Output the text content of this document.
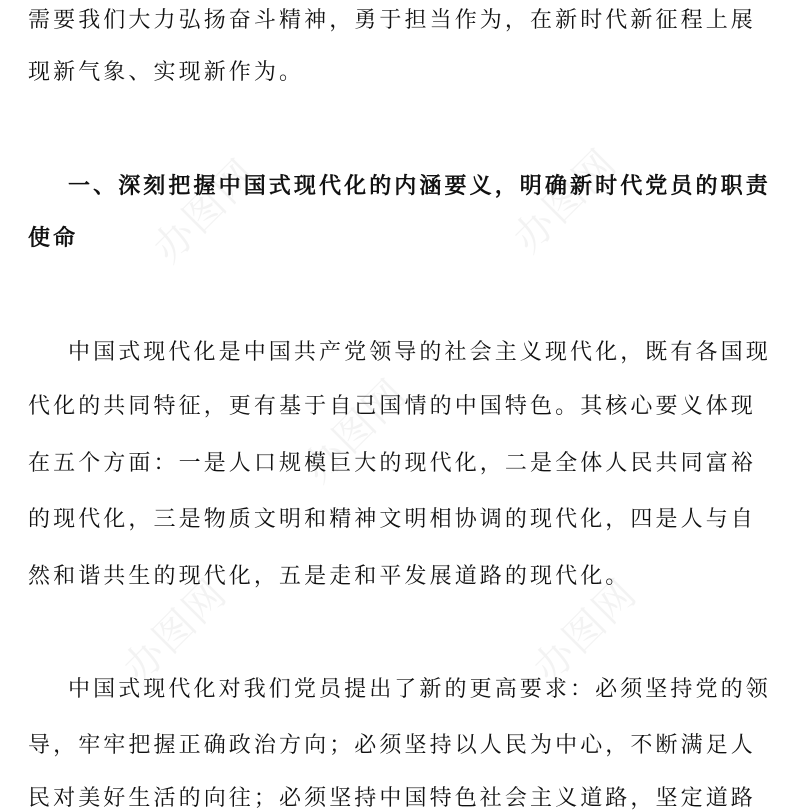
办图网	办图网
办图网
办图网	办图网
需要我们大力弘扬奋斗精神，勇于担当作为，在新时代新征程上展
现新气象、实现新作为。
一、深刻把握中国式现代化的内涵要义，明确新时代党员的职责
使命
中国式现代化是中国共产党领导的社会主义现代化，既有各国现
代化的共同特征，更有基于自己国情的中国特色。其核心要义体现
在五个方面：一是人口规模巨大的现代化，二是全体人民共同富裕
的现代化，三是物质文明和精神文明相协调的现代化，四是人与自
然和谐共生的现代化，五是走和平发展道路的现代化。
中国式现代化对我们党员提出了新的更高要求：必须坚持党的领
导，牢牢把握正确政治方向；必须坚持以人民为中心，不断满足人
民对美好生活的向往；必须坚持中国特色社会主义道路，坚定道路
